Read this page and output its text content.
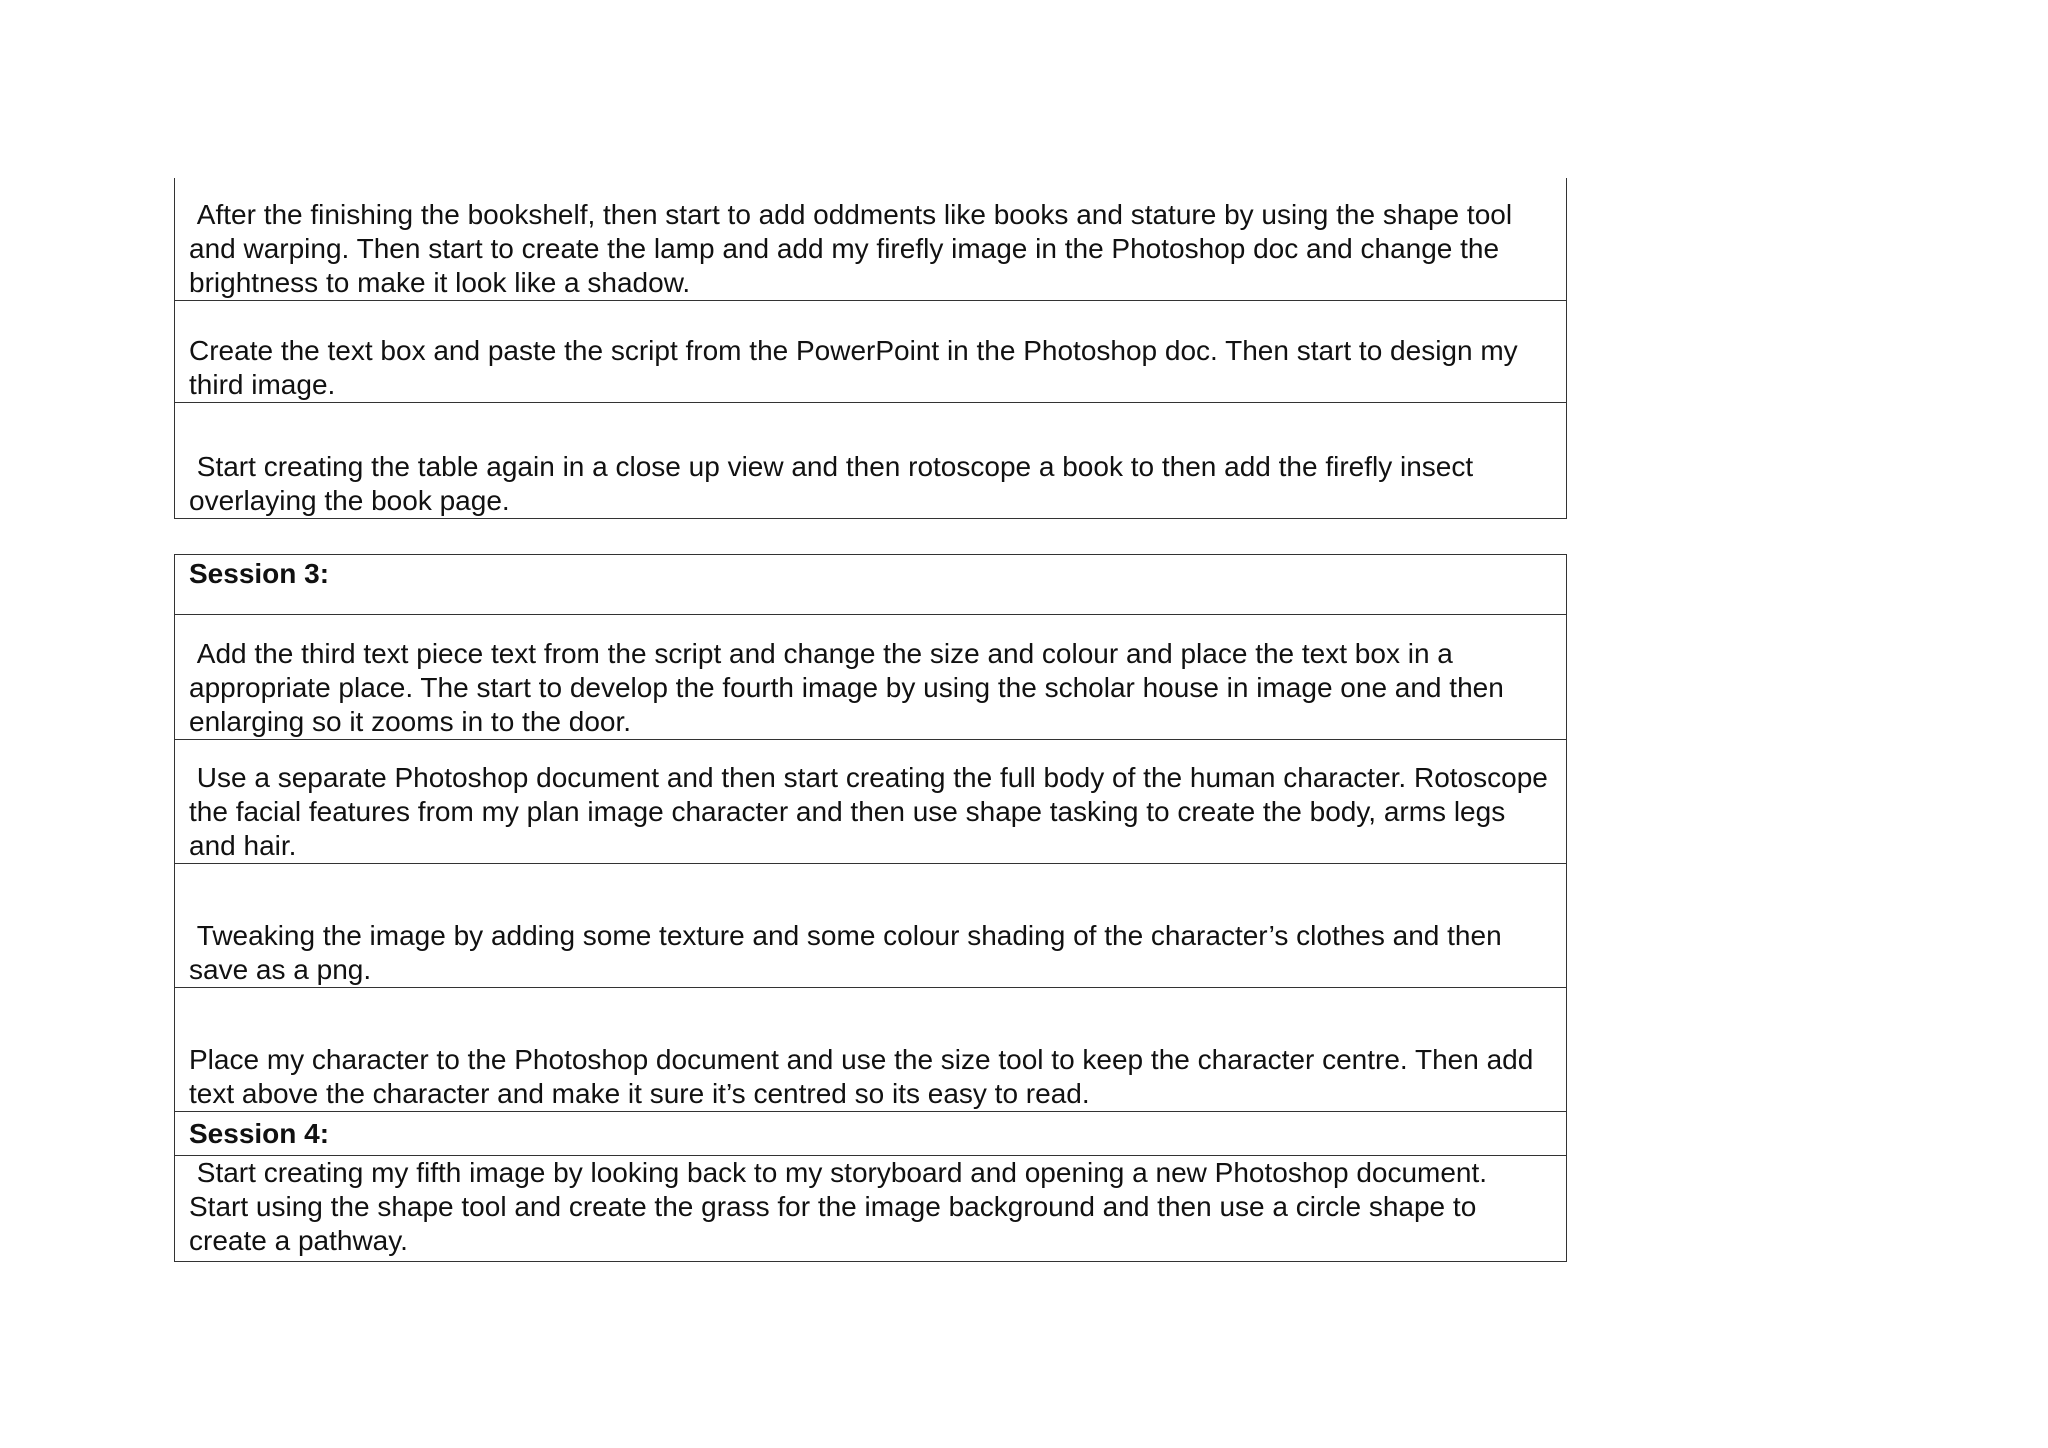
After the finishing the bookshelf, then start to add oddments like books and stature by using the shape tool and warping. Then start to create the lamp and add my firefly image in the Photoshop doc and change the brightness to make it look like a shadow.
Create the text box and paste the script from the PowerPoint in the Photoshop doc. Then start to design my third image.
Start creating the table again in a close up view and then rotoscope a book to then add the firefly insect overlaying the book page.
Session 3:
Add the third text piece text from the script and change the size and colour and place the text box in a appropriate place. The start to develop the fourth image by using the scholar house in image one and then enlarging so it zooms in to the door.
Use a separate Photoshop document and then start creating the full body of the human character. Rotoscope the facial features from my plan image character and then use shape tasking to create the body, arms legs and hair.
Tweaking the image by adding some texture and some colour shading of the character’s clothes and then save as a png.
Place my character to the Photoshop document and use the size tool to keep the character centre. Then add text above the character and make it sure it’s centred so its easy to read.
Session 4:
Start creating my fifth image by looking back to my storyboard and opening a new Photoshop document. Start using the shape tool and create the grass for the image background and then use a circle shape to create a pathway.
